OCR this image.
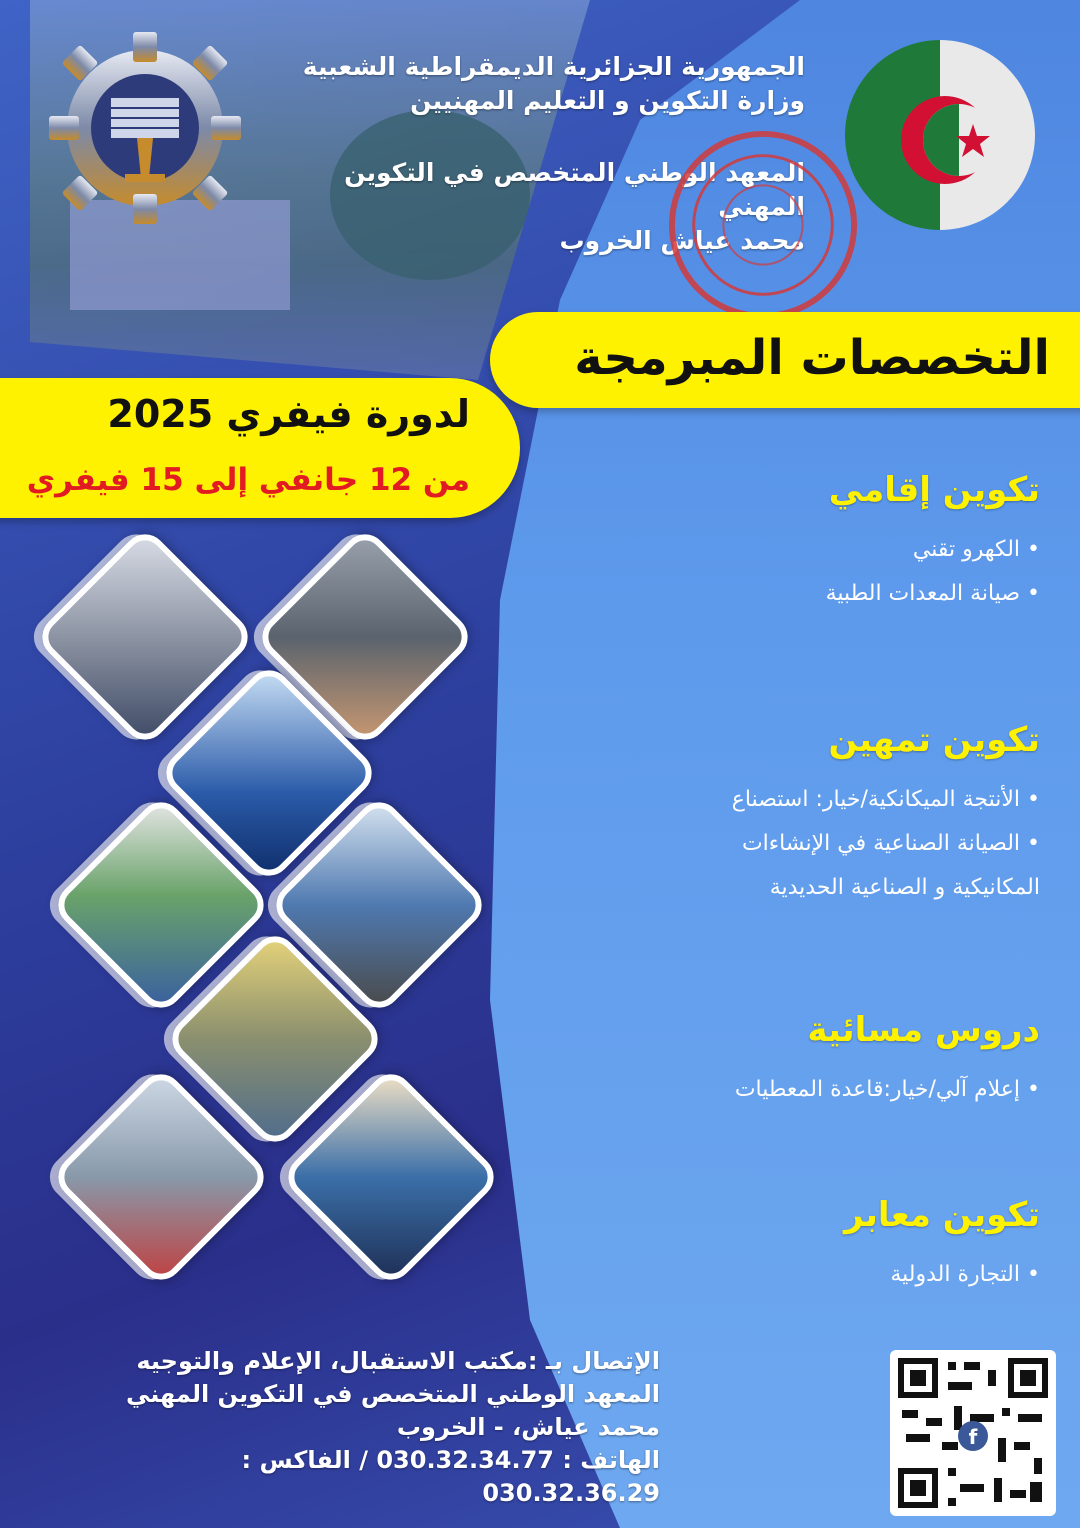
الجمهورية الجزائرية الديمقراطية الشعبية
وزارة التكوين و التعليم المهنيين
المعهد الوطني المتخصص في التكوين المهني
محمد عياش الخروب
التخصصات المبرمجة
لدورة فيفري 2025
من 12 جانفي إلى 15 فيفري	تكوين إقامي
• الكهرو تقني
• صيانة المعدات الطبية
تكوين تمهين
• الأنتجة الميكانكية/خيار: استصناع
• الصيانة الصناعية في الإنشاءات
المكانيكية و الصناعية الحديدية
دروس مسائية
• إعلام آلي/خيار:قاعدة المعطيات
تكوين معابر
• التجارة الدولية
الإتصال بـ :مكتب الاستقبال، الإعلام والتوجيه
المعهد الوطني المتخصص في التكوين المهني
محمد عياش، - الخروب
الهاتف : 030.32.34.77 / الفاكس : 030.32.36.29
f
